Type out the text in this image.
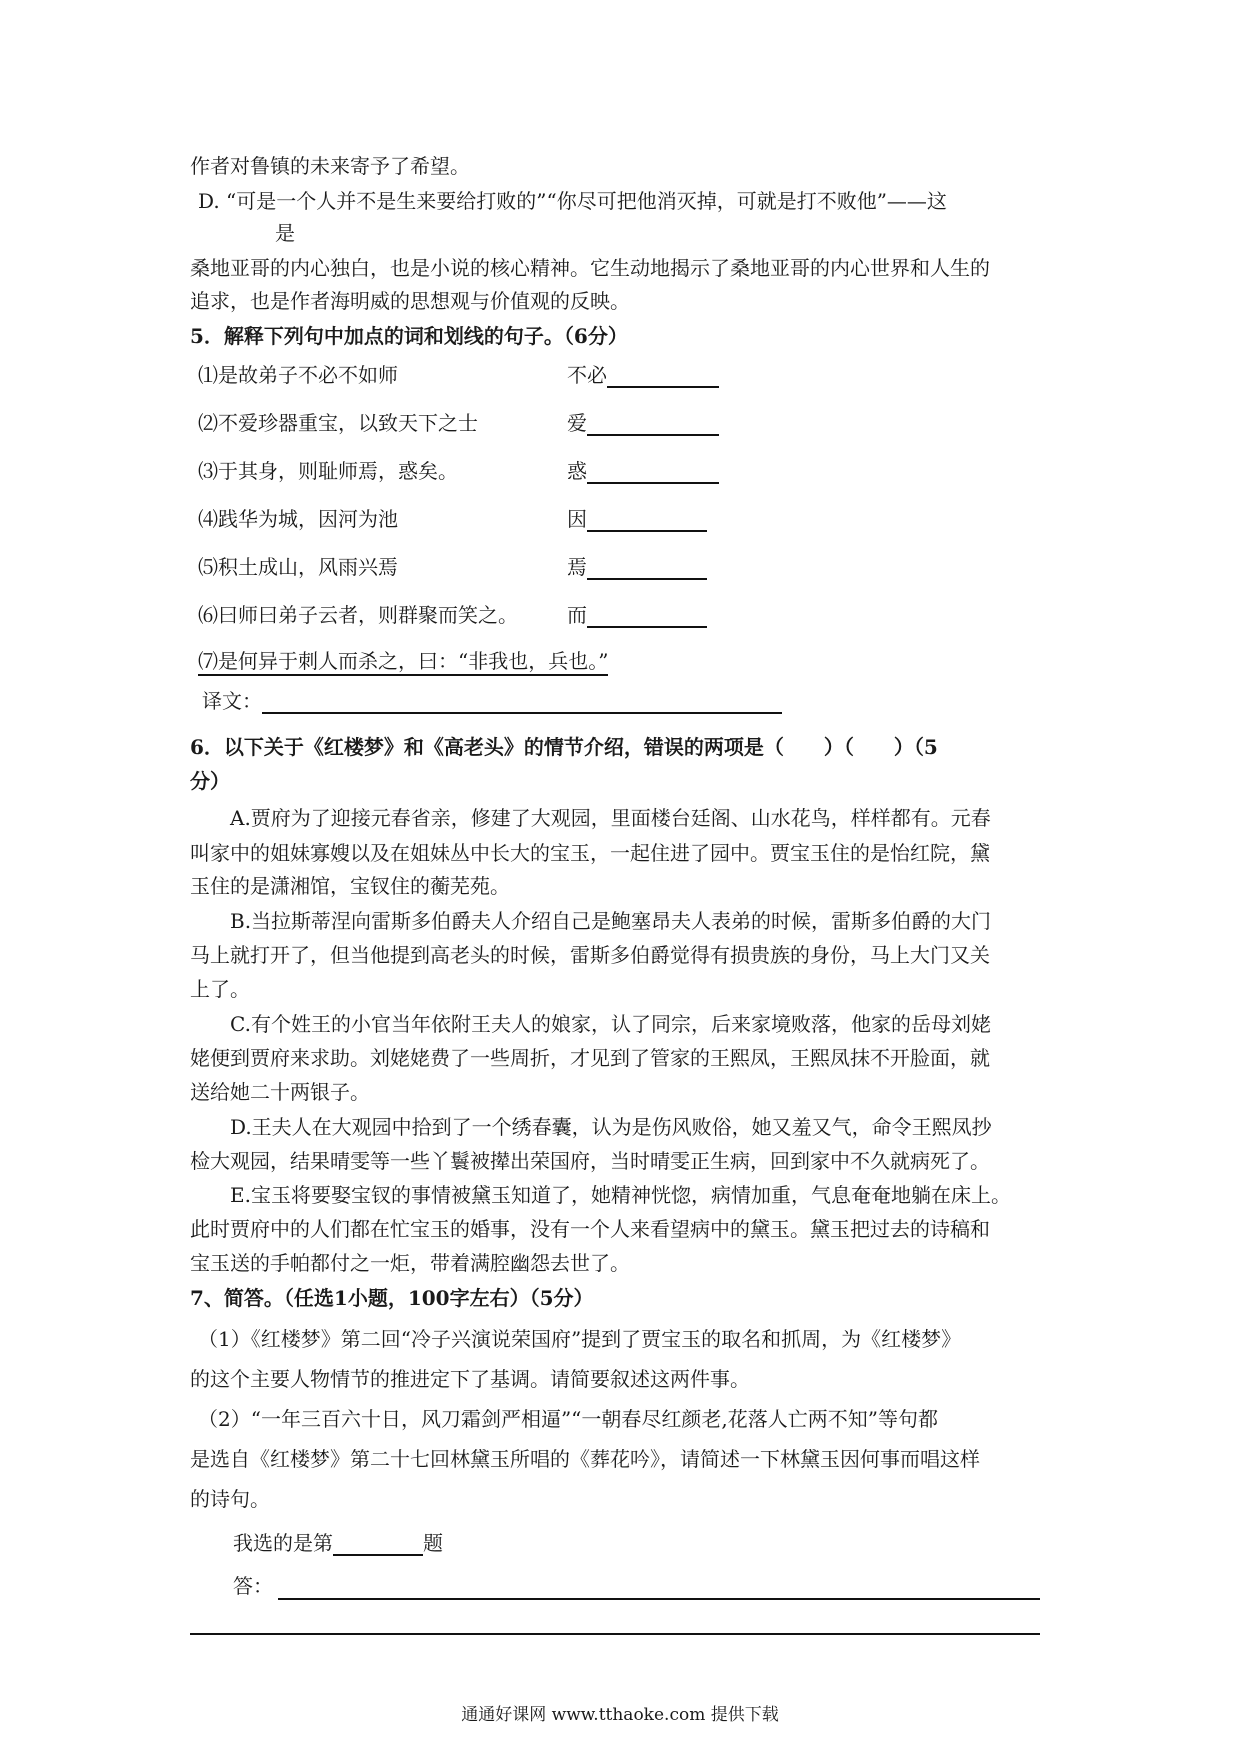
作者对鲁镇的未来寄予了希望。
D. “可是一个人并不是生来要给打败的”“你尽可把他消灭掉，可就是打不败他”——这
是
桑地亚哥的内心独白，也是小说的核心精神。它生动地揭示了桑地亚哥的内心世界和人生的
追求，也是作者海明威的思想观与价值观的反映。
5．解释下列句中加点的词和划线的句子。（6分）
⑴是故弟子不必不如师	不必
⑵不爱珍器重宝，以致天下之士	爱
⑶于其身，则耻师焉，惑矣。	惑
⑷践华为城，因河为池	因
⑸积土成山，风雨兴焉	焉
⑹曰师曰弟子云者，则群聚而笑之。 而
⑺是何异于刺人而杀之，曰：“非我也，兵也。”
译文：
6．以下关于《红楼梦》和《高老头》的情节介绍，错误的两项是（　　）（　　）（5
分）
A.贾府为了迎接元春省亲，修建了大观园，里面楼台廷阁、山水花鸟，样样都有。元春
叫家中的姐妹寡嫂以及在姐妹丛中长大的宝玉，一起住进了园中。贾宝玉住的是怡红院，黛
玉住的是潇湘馆，宝钗住的蘅芜苑。
B.当拉斯蒂涅向雷斯多伯爵夫人介绍自己是鲍塞昂夫人表弟的时候，雷斯多伯爵的大门
马上就打开了，但当他提到高老头的时候，雷斯多伯爵觉得有损贵族的身份，马上大门又关
上了。
C.有个姓王的小官当年依附王夫人的娘家，认了同宗，后来家境败落，他家的岳母刘姥
姥便到贾府来求助。刘姥姥费了一些周折，才见到了管家的王熙凤，王熙凤抹不开脸面，就
送给她二十两银子。
D.王夫人在大观园中拾到了一个绣春囊，认为是伤风败俗，她又羞又气，命令王熙凤抄
检大观园，结果晴雯等一些丫鬟被撵出荣国府，当时晴雯正生病，回到家中不久就病死了。
E.宝玉将要娶宝钗的事情被黛玉知道了，她精神恍惚，病情加重，气息奄奄地躺在床上。
此时贾府中的人们都在忙宝玉的婚事，没有一个人来看望病中的黛玉。黛玉把过去的诗稿和
宝玉送的手帕都付之一炬，带着满腔幽怨去世了。
7、简答。（任选1小题，100字左右）（5分）
（1）《红楼梦》第二回“冷子兴演说荣国府”提到了贾宝玉的取名和抓周，为《红楼梦》
的这个主要人物情节的推进定下了基调。请简要叙述这两件事。
（2）“一年三百六十日，风刀霜剑严相逼”“一朝春尽红颜老,花落人亡两不知”等句都
是选自《红楼梦》第二十七回林黛玉所唱的《葬花吟》，请简述一下林黛玉因何事而唱这样
的诗句。
我选的是第	题
答：
通通好课网 www.tthaoke.com 提供下载
